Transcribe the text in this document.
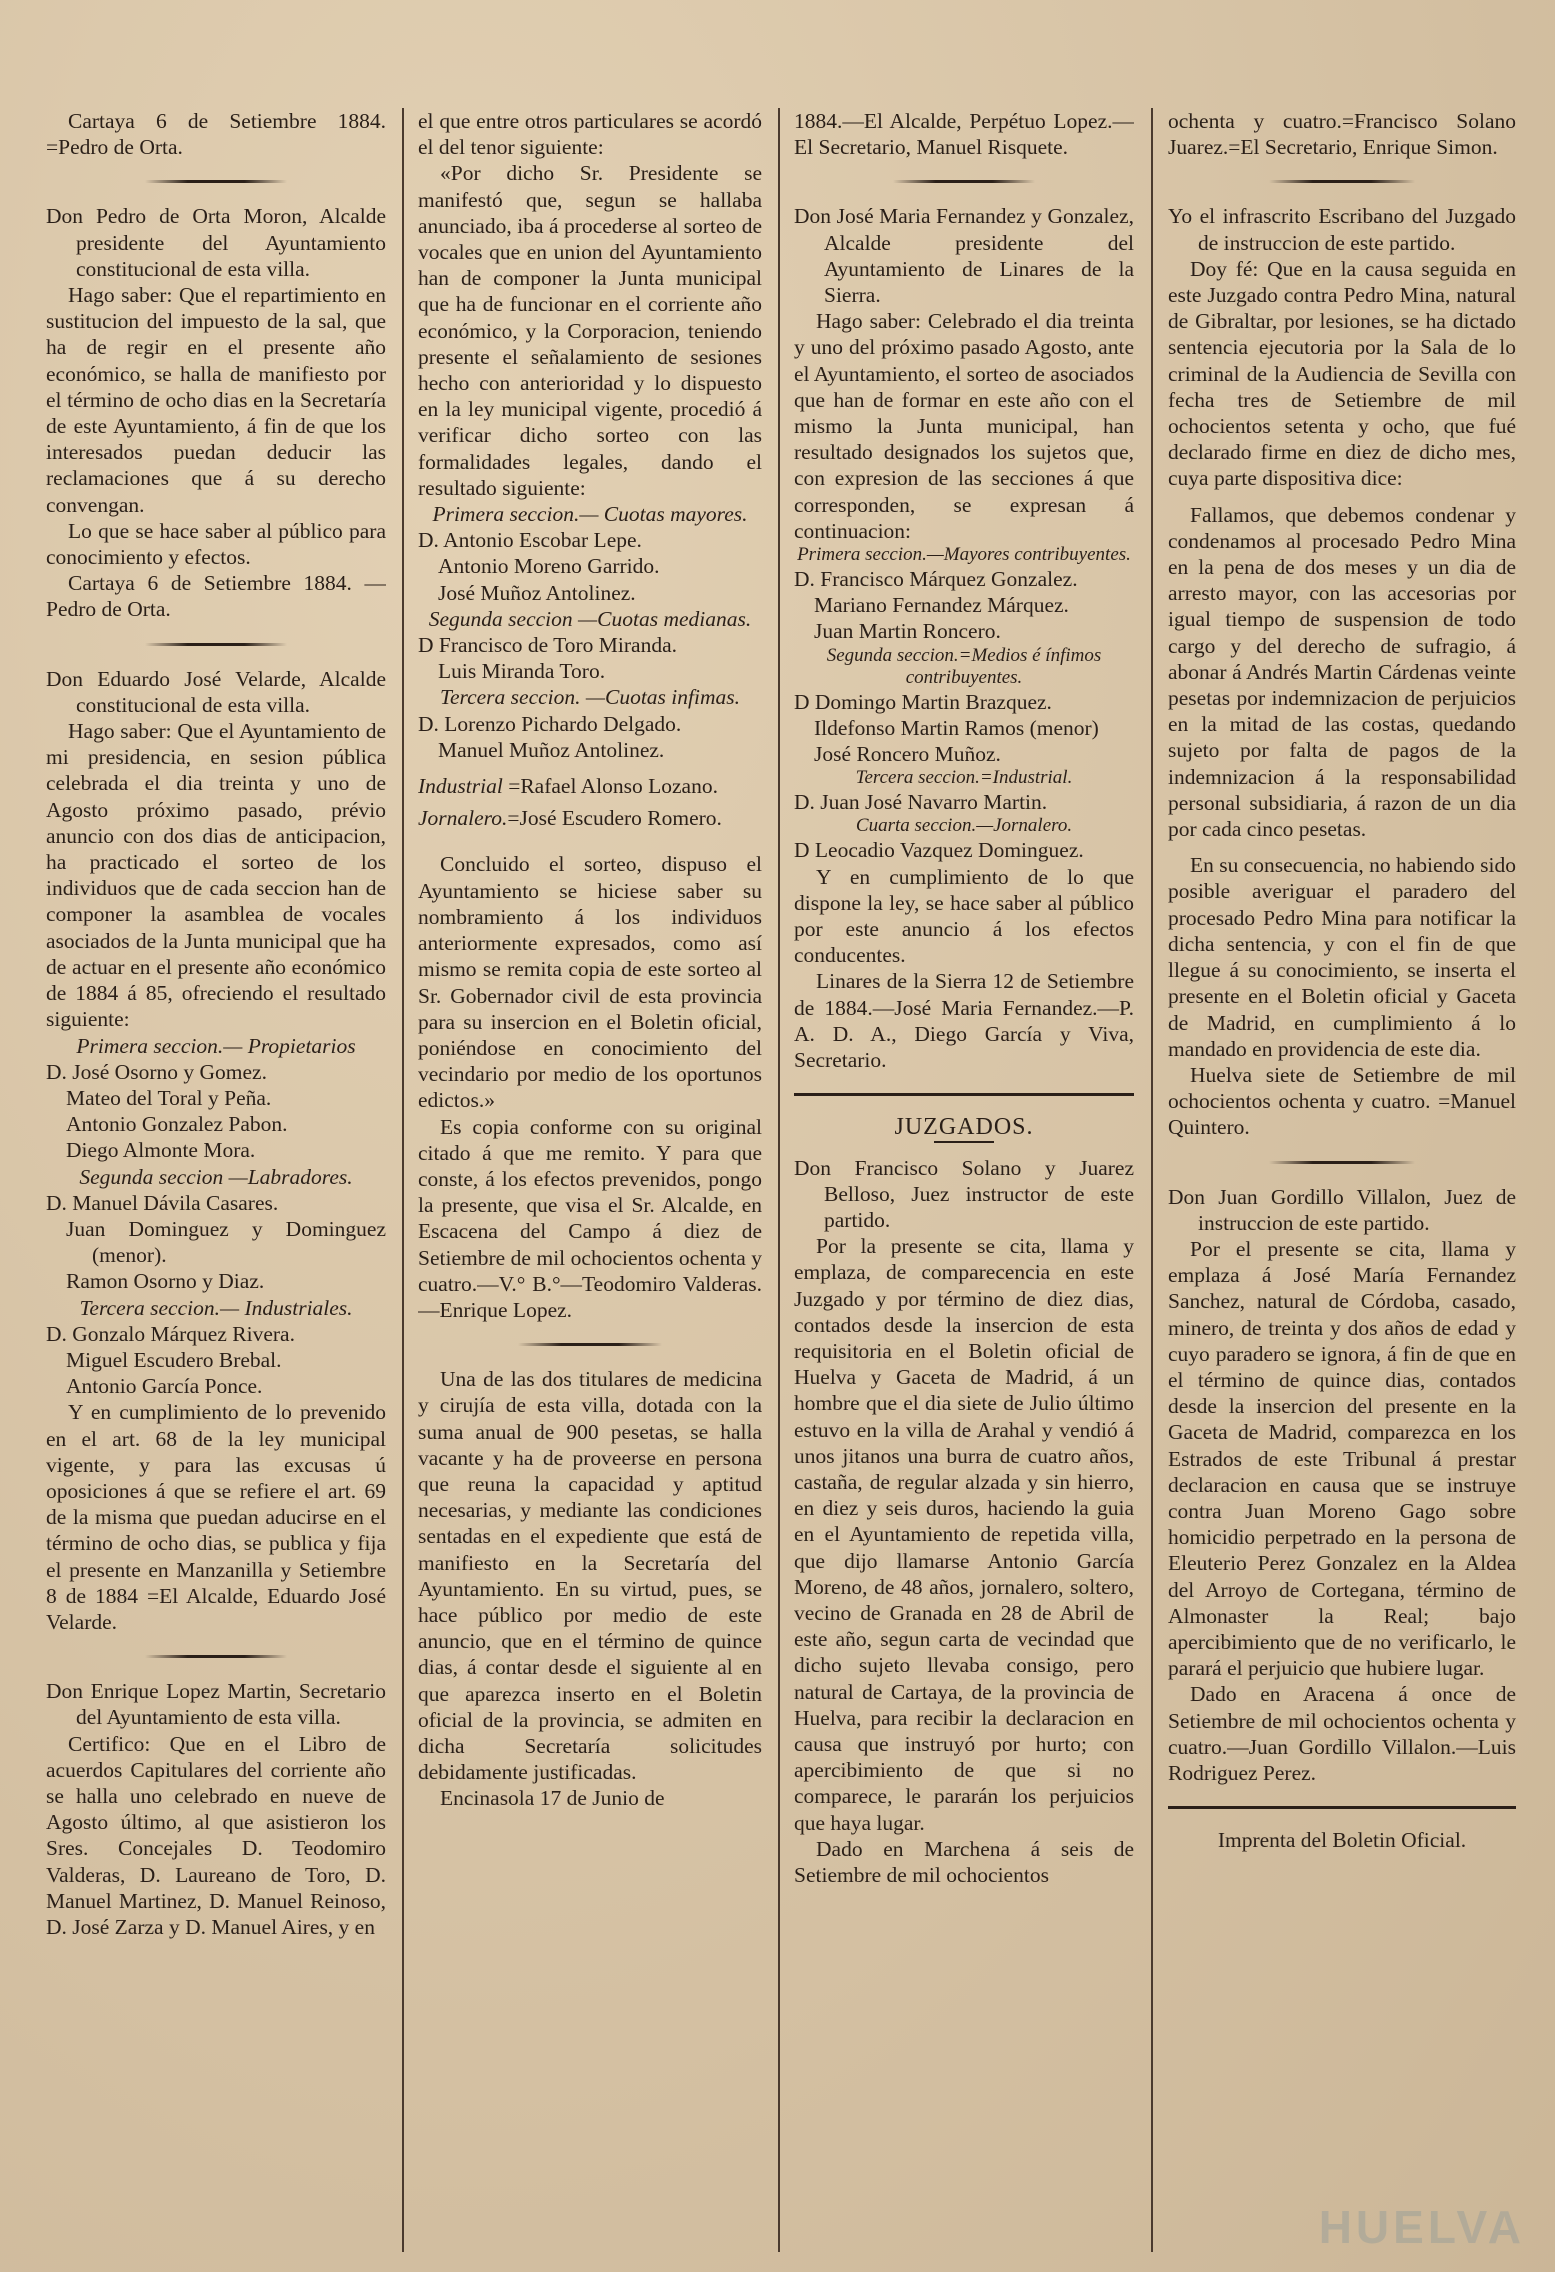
Cartaya 6 de Setiembre 1884. =Pedro de Orta.

Don Pedro de Orta Moron, Alcalde presidente del Ayuntamiento constitucional de esta villa.

Hago saber: Que el repartimiento en sustitucion del impuesto de la sal, que ha de regir en el presente año económico, se halla de manifiesto por el término de ocho dias en la Secretaría de este Ayuntamiento, á fin de que los interesados puedan deducir las reclamaciones que á su derecho convengan.

Lo que se hace saber al público para conocimiento y efectos.

Cartaya 6 de Setiembre 1884. —Pedro de Orta.

Don Eduardo José Velarde, Alcalde constitucional de esta villa.

Hago saber: Que el Ayuntamiento de mi presidencia, en sesion pública celebrada el dia treinta y uno de Agosto próximo pasado, prévio anuncio con dos dias de anticipacion, ha practicado el sorteo de los individuos que de cada seccion han de componer la asamblea de vocales asociados de la Junta municipal que ha de actuar en el presente año económico de 1884 á 85, ofreciendo el resultado siguiente:

Primera seccion.— Propietarios

D. José Osorno y Gomez.

Mateo del Toral y Peña.

Antonio Gonzalez Pabon.

Diego Almonte Mora.

Segunda seccion —Labradores.

D. Manuel Dávila Casares.

Juan Dominguez y Dominguez (menor).

Ramon Osorno y Diaz.

Tercera seccion.— Industriales.

D. Gonzalo Márquez Rivera.

Miguel Escudero Brebal.

Antonio García Ponce.

Y en cumplimiento de lo prevenido en el art. 68 de la ley municipal vigente, y para las excusas ú oposiciones á que se refiere el art. 69 de la misma que puedan aducirse en el término de ocho dias, se publica y fija el presente en Manzanilla y Setiembre 8 de 1884 =El Alcalde, Eduardo José Velarde.

Don Enrique Lopez Martin, Secretario del Ayuntamiento de esta villa.

Certifico: Que en el Libro de acuerdos Capitulares del corriente año se halla uno celebrado en nueve de Agosto último, al que asistieron los Sres. Concejales D. Teodomiro Valderas, D. Laureano de Toro, D. Manuel Martinez, D. Manuel Reinoso, D. José Zarza y D. Manuel Aires, y en

el que entre otros particulares se acordó el del tenor siguiente:

«Por dicho Sr. Presidente se manifestó que, segun se hallaba anunciado, iba á procederse al sorteo de vocales que en union del Ayuntamiento han de componer la Junta municipal que ha de funcionar en el corriente año económico, y la Corporacion, teniendo presente el señalamiento de sesiones hecho con anterioridad y lo dispuesto en la ley municipal vigente, procedió á verificar dicho sorteo con las formalidades legales, dando el resultado siguiente:

Primera seccion.— Cuotas mayores.

D. Antonio Escobar Lepe.

Antonio Moreno Garrido.

José Muñoz Antolinez.

Segunda seccion —Cuotas medianas.

D Francisco de Toro Miranda.

Luis Miranda Toro.

Tercera seccion. —Cuotas infimas.

D. Lorenzo Pichardo Delgado.

Manuel Muñoz Antolinez.

Industrial =Rafael Alonso Lozano.

Jornalero.=José Escudero Romero.

Concluido el sorteo, dispuso el Ayuntamiento se hiciese saber su nombramiento á los individuos anteriormente expresados, como así mismo se remita copia de este sorteo al Sr. Gobernador civil de esta provincia para su insercion en el Boletin oficial, poniéndose en conocimiento del vecindario por medio de los oportunos edictos.»

Es copia conforme con su original citado á que me remito. Y para que conste, á los efectos prevenidos, pongo la presente, que visa el Sr. Alcalde, en Escacena del Campo á diez de Setiembre de mil ochocientos ochenta y cuatro.—V.° B.°—Teodomiro Valderas.—Enrique Lopez.

Una de las dos titulares de medicina y cirujía de esta villa, dotada con la suma anual de 900 pesetas, se halla vacante y ha de proveerse en persona que reuna la capacidad y aptitud necesarias, y mediante las condiciones sentadas en el expediente que está de manifiesto en la Secretaría del Ayuntamiento. En su virtud, pues, se hace público por medio de este anuncio, que en el término de quince dias, á contar desde el siguiente al en que aparezca inserto en el Boletin oficial de la provincia, se admiten en dicha Secretaría solicitudes debidamente justificadas.

Encinasola 17 de Junio de

1884.—El Alcalde, Perpétuo Lopez.—El Secretario, Manuel Risquete.

Don José Maria Fernandez y Gonzalez, Alcalde presidente del Ayuntamiento de Linares de la Sierra.

Hago saber: Celebrado el dia treinta y uno del próximo pasado Agosto, ante el Ayuntamiento, el sorteo de asociados que han de formar en este año con el mismo la Junta municipal, han resultado designados los sujetos que, con expresion de las secciones á que corresponden, se expresan á continuacion:

Primera seccion.—Mayores contribuyentes.

D. Francisco Márquez Gonzalez.

Mariano Fernandez Márquez.

Juan Martin Roncero.

Segunda seccion.=Medios é ínfimos contribuyentes.

D Domingo Martin Brazquez.

Ildefonso Martin Ramos (menor)

José Roncero Muñoz.

Tercera seccion.=Industrial.

D. Juan José Navarro Martin.

Cuarta seccion.—Jornalero.

D Leocadio Vazquez Dominguez.

Y en cumplimiento de lo que dispone la ley, se hace saber al público por este anuncio á los efectos conducentes.

Linares de la Sierra 12 de Setiembre de 1884.—José Maria Fernandez.—P. A. D. A., Diego García y Viva, Secretario.

JUZGADOS.

Don Francisco Solano y Juarez Belloso, Juez instructor de este partido.

Por la presente se cita, llama y emplaza, de comparecencia en este Juzgado y por término de diez dias, contados desde la insercion de esta requisitoria en el Boletin oficial de Huelva y Gaceta de Madrid, á un hombre que el dia siete de Julio último estuvo en la villa de Arahal y vendió á unos jitanos una burra de cuatro años, castaña, de regular alzada y sin hierro, en diez y seis duros, haciendo la guia en el Ayuntamiento de repetida villa, que dijo llamarse Antonio García Moreno, de 48 años, jornalero, soltero, vecino de Granada en 28 de Abril de este año, segun carta de vecindad que dicho sujeto llevaba consigo, pero natural de Cartaya, de la provincia de Huelva, para recibir la declaracion en causa que instruyó por hurto; con apercibimiento de que si no comparece, le pararán los perjuicios que haya lugar.

Dado en Marchena á seis de Setiembre de mil ochocientos

ochenta y cuatro.=Francisco Solano Juarez.=El Secretario, Enrique Simon.

Yo el infrascrito Escribano del Juzgado de instruccion de este partido.

Doy fé: Que en la causa seguida en este Juzgado contra Pedro Mina, natural de Gibraltar, por lesiones, se ha dictado sentencia ejecutoria por la Sala de lo criminal de la Audiencia de Sevilla con fecha tres de Setiembre de mil ochocientos setenta y ocho, que fué declarado firme en diez de dicho mes, cuya parte dispositiva dice:

Fallamos, que debemos condenar y condenamos al procesado Pedro Mina en la pena de dos meses y un dia de arresto mayor, con las accesorias por igual tiempo de suspension de todo cargo y del derecho de sufragio, á abonar á Andrés Martin Cárdenas veinte pesetas por indemnizacion de perjuicios en la mitad de las costas, quedando sujeto por falta de pagos de la indemnizacion á la responsabilidad personal subsidiaria, á razon de un dia por cada cinco pesetas.

En su consecuencia, no habiendo sido posible averiguar el paradero del procesado Pedro Mina para notificar la dicha sentencia, y con el fin de que llegue á su conocimiento, se inserta el presente en el Boletin oficial y Gaceta de Madrid, en cumplimiento á lo mandado en providencia de este dia.

Huelva siete de Setiembre de mil ochocientos ochenta y cuatro. =Manuel Quintero.

Don Juan Gordillo Villalon, Juez de instruccion de este partido.

Por el presente se cita, llama y emplaza á José María Fernandez Sanchez, natural de Córdoba, casado, minero, de treinta y dos años de edad y cuyo paradero se ignora, á fin de que en el término de quince dias, contados desde la insercion del presente en la Gaceta de Madrid, comparezca en los Estrados de este Tribunal á prestar declaracion en causa que se instruye contra Juan Moreno Gago sobre homicidio perpetrado en la persona de Eleuterio Perez Gonzalez en la Aldea del Arroyo de Cortegana, término de Almonaster la Real; bajo apercibimiento que de no verificarlo, le parará el perjuicio que hubiere lugar.

Dado en Aracena á once de Setiembre de mil ochocientos ochenta y cuatro.—Juan Gordillo Villalon.—Luis Rodriguez Perez.

Imprenta del Boletin Oficial.

HUELVA
